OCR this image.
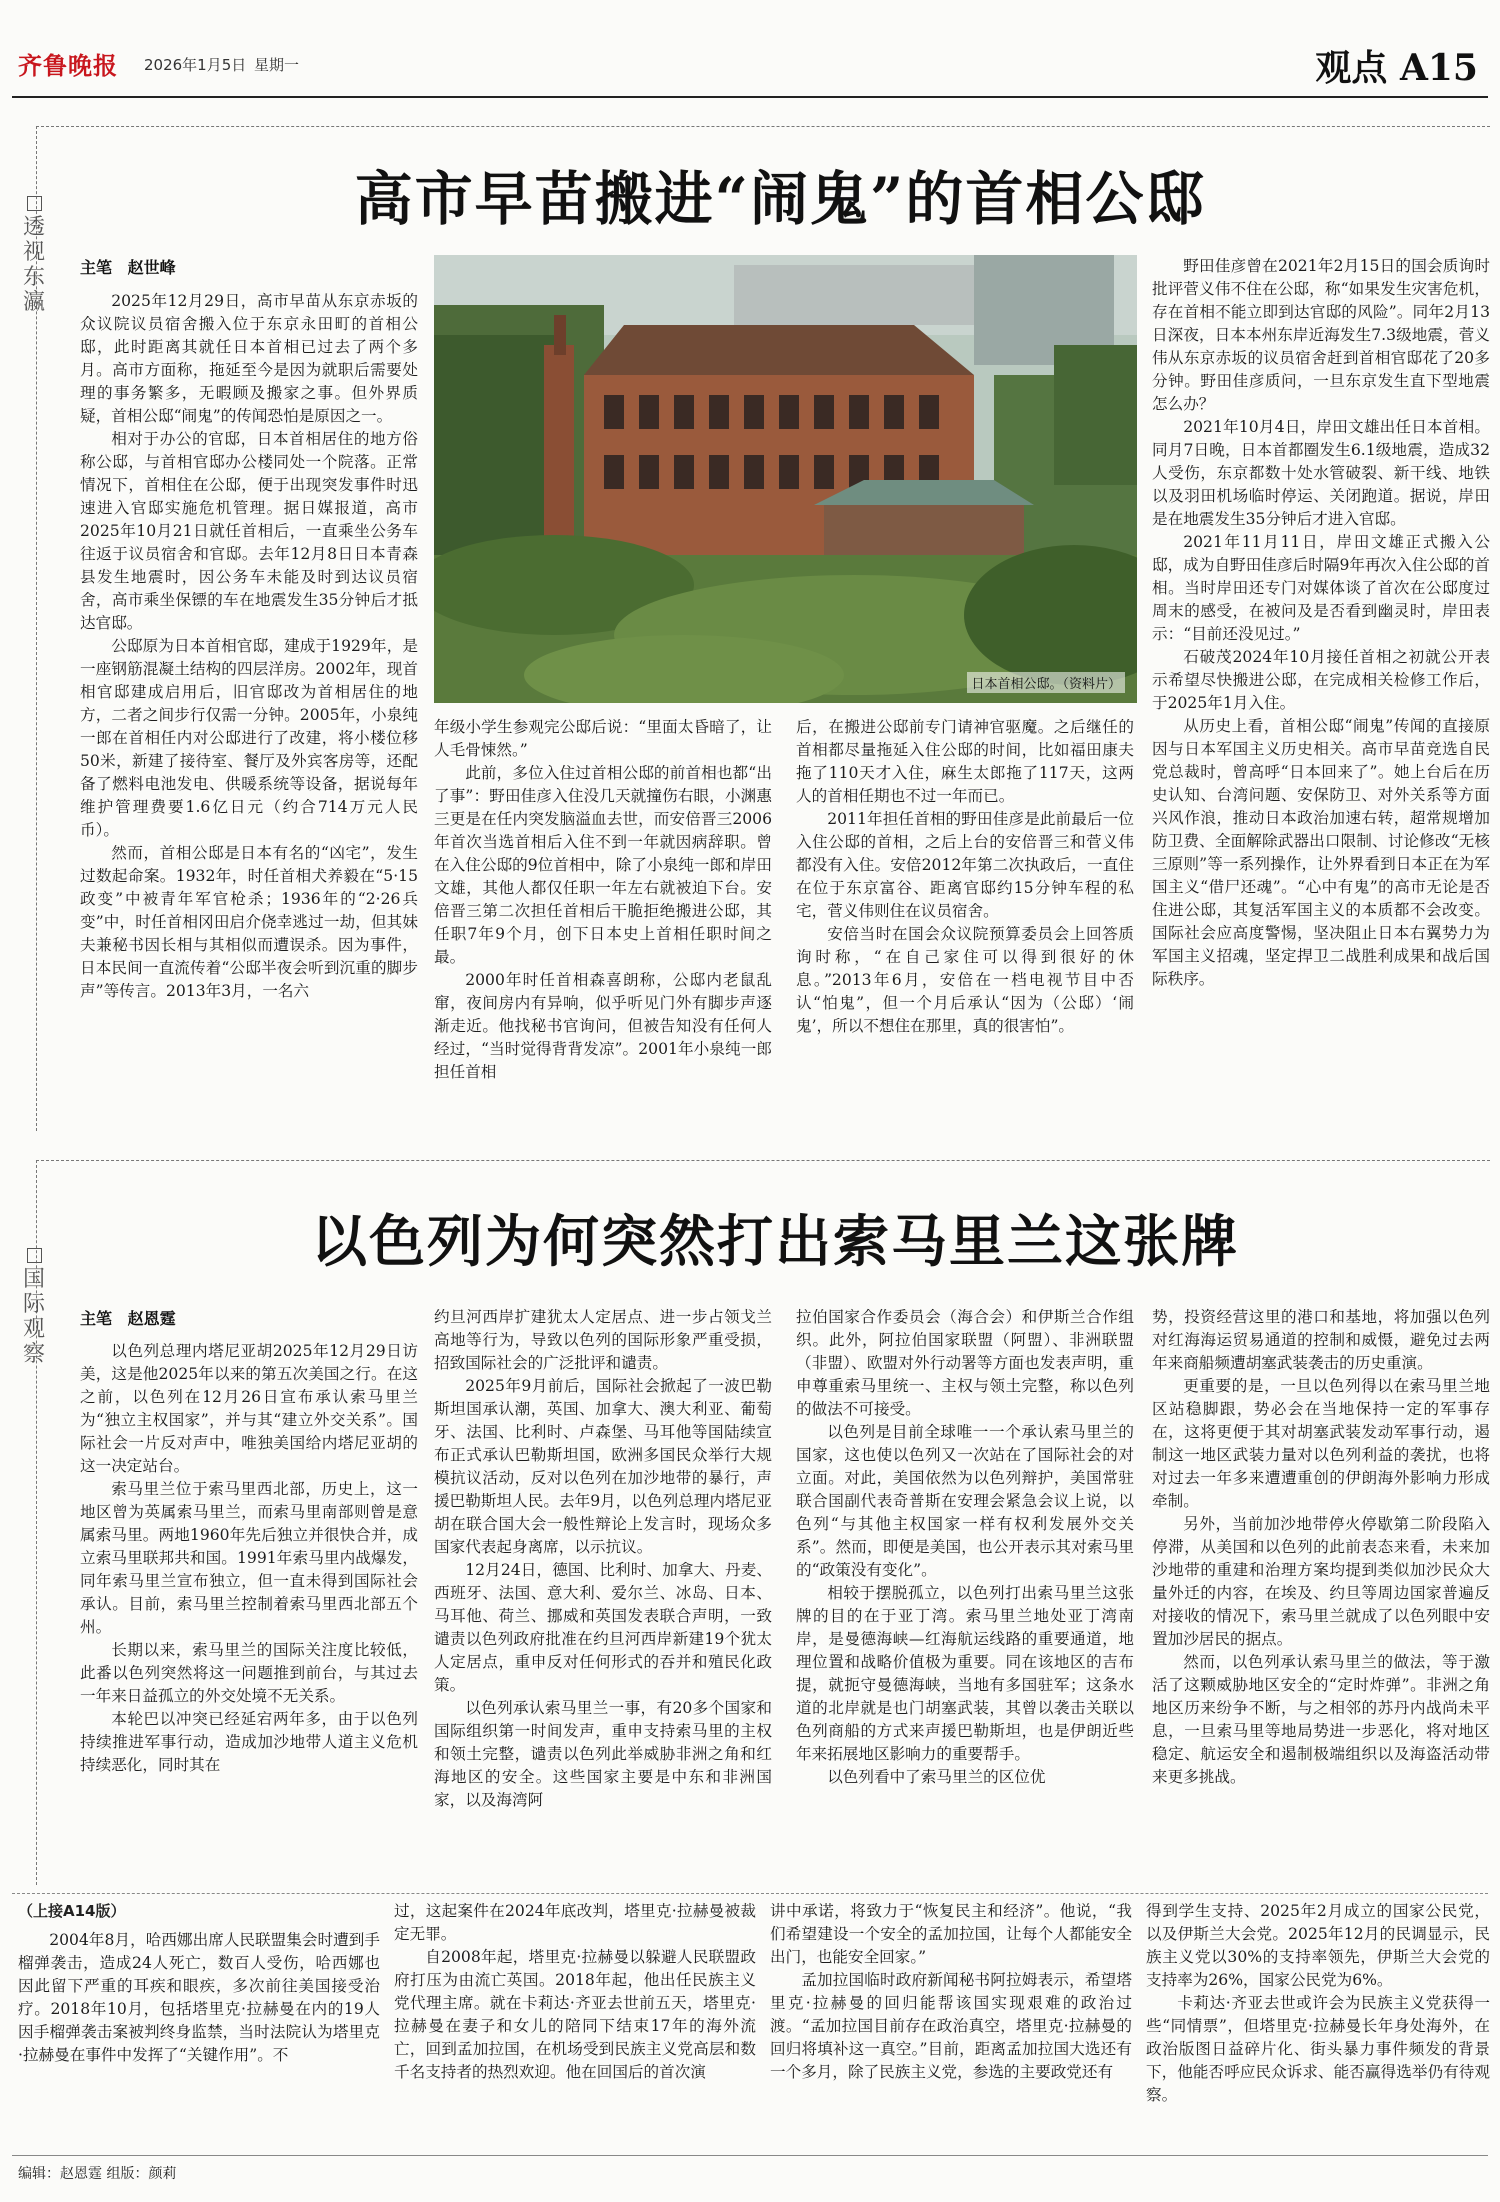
齐鲁晚报 2026年1月5日 星期一	观点 A15
透视东瀛
高市早苗搬进“闹鬼”的首相公邸
主笔 赵世峰

2025年12月29日，高市早苗从东京赤坂的众议院议员宿舍搬入位于东京永田町的首相公邸，此时距离其就任日本首相已过去了两个多月。高市方面称，拖延至今是因为就职后需要处理的事务繁多，无暇顾及搬家之事。但外界质疑，首相公邸“闹鬼”的传闻恐怕是原因之一。

相对于办公的官邸，日本首相居住的地方俗称公邸，与首相官邸办公楼同处一个院落。正常情况下，首相住在公邸，便于出现突发事件时迅速进入官邸实施危机管理。据日媒报道，高市2025年10月21日就任首相后，一直乘坐公务车往返于议员宿舍和官邸。去年12月8日日本青森县发生地震时，因公务车未能及时到达议员宿舍，高市乘坐保镖的车在地震发生35分钟后才抵达官邸。

公邸原为日本首相官邸，建成于1929年，是一座钢筋混凝土结构的四层洋房。2002年，现首相官邸建成启用后，旧官邸改为首相居住的地方，二者之间步行仅需一分钟。2005年，小泉纯一郎在首相任内对公邸进行了改建，将小楼位移50米，新建了接待室、餐厅及外宾客房等，还配备了燃料电池发电、供暖系统等设备，据说每年维护管理费要1.6亿日元（约合714万元人民币）。

然而，首相公邸是日本有名的“凶宅”，发生过数起命案。1932年，时任首相犬养毅在“5·15政变”中被青年军官枪杀；1936年的“2·26兵变”中，时任首相冈田启介侥幸逃过一劫，但其妹夫兼秘书因长相与其相似而遭误杀。因为事件，日本民间一直流传着“公邸半夜会听到沉重的脚步声”等传言。2013年3月，一名六

日本首相公邸。（资料片）

年级小学生参观完公邸后说：“里面太昏暗了，让人毛骨悚然。”

此前，多位入住过首相公邸的前首相也都“出了事”：野田佳彦入住没几天就撞伤右眼，小渊惠三更是在任内突发脑溢血去世，而安倍晋三2006年首次当选首相后入住不到一年就因病辞职。曾在入住公邸的9位首相中，除了小泉纯一郎和岸田文雄，其他人都仅任职一年左右就被迫下台。安倍晋三第二次担任首相后干脆拒绝搬进公邸，其任职7年9个月，创下日本史上首相任职时间之最。

2000年时任首相森喜朗称，公邸内老鼠乱窜，夜间房内有异响，似乎听见门外有脚步声逐渐走近。他找秘书官询问，但被告知没有任何人经过，“当时觉得背背发凉”。2001年小泉纯一郎担任首相

后，在搬进公邸前专门请神官驱魔。之后继任的首相都尽量拖延入住公邸的时间，比如福田康夫拖了110天才入住，麻生太郎拖了117天，这两人的首相任期也不过一年而已。

2011年担任首相的野田佳彦是此前最后一位入住公邸的首相，之后上台的安倍晋三和菅义伟都没有入住。安倍2012年第二次执政后，一直住在位于东京富谷、距离官邸约15分钟车程的私宅，菅义伟则住在议员宿舍。

安倍当时在国会众议院预算委员会上回答质询时称，“在自己家住可以得到很好的休息。”2013年6月，安倍在一档电视节目中否认“怕鬼”，但一个月后承认“因为（公邸）‘闹鬼’，所以不想住在那里，真的很害怕”。

野田佳彦曾在2021年2月15日的国会质询时批评菅义伟不住在公邸，称“如果发生灾害危机，存在首相不能立即到达官邸的风险”。同年2月13日深夜，日本本州东岸近海发生7.3级地震，菅义伟从东京赤坂的议员宿舍赶到首相官邸花了20多分钟。野田佳彦质问，一旦东京发生直下型地震怎么办？

2021年10月4日，岸田文雄出任日本首相。同月7日晚，日本首都圈发生6.1级地震，造成32人受伤，东京都数十处水管破裂、新干线、地铁以及羽田机场临时停运、关闭跑道。据说，岸田是在地震发生35分钟后才进入官邸。

2021年11月11日，岸田文雄正式搬入公邸，成为自野田佳彦后时隔9年再次入住公邸的首相。当时岸田还专门对媒体谈了首次在公邸度过周末的感受，在被问及是否看到幽灵时，岸田表示：“目前还没见过。”

石破茂2024年10月接任首相之初就公开表示希望尽快搬进公邸，在完成相关检修工作后，于2025年1月入住。

从历史上看，首相公邸“闹鬼”传闻的直接原因与日本军国主义历史相关。高市早苗竞选自民党总裁时，曾高呼“日本回来了”。她上台后在历史认知、台湾问题、安保防卫、对外关系等方面兴风作浪，推动日本政治加速右转，超常规增加防卫费、全面解除武器出口限制、讨论修改“无核三原则”等一系列操作，让外界看到日本正在为军国主义“借尸还魂”。“心中有鬼”的高市无论是否住进公邸，其复活军国主义的本质都不会改变。国际社会应高度警惕，坚决阻止日本右翼势力为军国主义招魂，坚定捍卫二战胜利成果和战后国际秩序。

国际观察
以色列为何突然打出索马里兰这张牌
主笔 赵恩霆

以色列总理内塔尼亚胡2025年12月29日访美，这是他2025年以来的第五次美国之行。在这之前，以色列在12月26日宣布承认索马里兰为“独立主权国家”，并与其“建立外交关系”。国际社会一片反对声中，唯独美国给内塔尼亚胡的这一决定站台。

索马里兰位于索马里西北部，历史上，这一地区曾为英属索马里兰，而索马里南部则曾是意属索马里。两地1960年先后独立并很快合并，成立索马里联邦共和国。1991年索马里内战爆发，同年索马里兰宣布独立，但一直未得到国际社会承认。目前，索马里兰控制着索马里西北部五个州。

长期以来，索马里兰的国际关注度比较低，此番以色列突然将这一问题推到前台，与其过去一年来日益孤立的外交处境不无关系。

本轮巴以冲突已经延宕两年多，由于以色列持续推进军事行动，造成加沙地带人道主义危机持续恶化，同时其在

约旦河西岸扩建犹太人定居点、进一步占领戈兰高地等行为，导致以色列的国际形象严重受损，招致国际社会的广泛批评和谴责。

2025年9月前后，国际社会掀起了一波巴勒斯坦国承认潮，英国、加拿大、澳大利亚、葡萄牙、法国、比利时、卢森堡、马耳他等国陆续宣布正式承认巴勒斯坦国，欧洲多国民众举行大规模抗议活动，反对以色列在加沙地带的暴行，声援巴勒斯坦人民。去年9月，以色列总理内塔尼亚胡在联合国大会一般性辩论上发言时，现场众多国家代表起身离席，以示抗议。

12月24日，德国、比利时、加拿大、丹麦、西班牙、法国、意大利、爱尔兰、冰岛、日本、马耳他、荷兰、挪威和英国发表联合声明，一致谴责以色列政府批准在约旦河西岸新建19个犹太人定居点，重申反对任何形式的吞并和殖民化政策。

以色列承认索马里兰一事，有20多个国家和国际组织第一时间发声，重申支持索马里的主权和领土完整，谴责以色列此举威胁非洲之角和红海地区的安全。这些国家主要是中东和非洲国家，以及海湾阿

拉伯国家合作委员会（海合会）和伊斯兰合作组织。此外，阿拉伯国家联盟（阿盟）、非洲联盟（非盟）、欧盟对外行动署等方面也发表声明，重申尊重索马里统一、主权与领土完整，称以色列的做法不可接受。

以色列是目前全球唯一一个承认索马里兰的国家，这也使以色列又一次站在了国际社会的对立面。对此，美国依然为以色列辩护，美国常驻联合国副代表奇普斯在安理会紧急会议上说，以色列“与其他主权国家一样有权利发展外交关系”。然而，即便是美国，也公开表示其对索马里的“政策没有变化”。

相较于摆脱孤立，以色列打出索马里兰这张牌的目的在于亚丁湾。索马里兰地处亚丁湾南岸，是曼德海峡—红海航运线路的重要通道，地理位置和战略价值极为重要。同在该地区的吉布提，就扼守曼德海峡，当地有多国驻军；这条水道的北岸就是也门胡塞武装，其曾以袭击关联以色列商船的方式来声援巴勒斯坦，也是伊朗近些年来拓展地区影响力的重要帮手。

以色列看中了索马里兰的区位优

势，投资经营这里的港口和基地，将加强以色列对红海海运贸易通道的控制和威慑，避免过去两年来商船频遭胡塞武装袭击的历史重演。

更重要的是，一旦以色列得以在索马里兰地区站稳脚跟，势必会在当地保持一定的军事存在，这将更便于其对胡塞武装发动军事行动，遏制这一地区武装力量对以色列利益的袭扰，也将对过去一年多来遭遭重创的伊朗海外影响力形成牵制。

另外，当前加沙地带停火停歇第二阶段陷入停滞，从美国和以色列的此前表态来看，未来加沙地带的重建和治理方案均提到类似加沙民众大量外迁的内容，在埃及、约旦等周边国家普遍反对接收的情况下，索马里兰就成了以色列眼中安置加沙居民的据点。

然而，以色列承认索马里兰的做法，等于激活了这颗威胁地区安全的“定时炸弹”。非洲之角地区历来纷争不断，与之相邻的苏丹内战尚未平息，一旦索马里等地局势进一步恶化，将对地区稳定、航运安全和遏制极端组织以及海盗活动带来更多挑战。

（上接A14版）

2004年8月，哈西娜出席人民联盟集会时遭到手榴弹袭击，造成24人死亡，数百人受伤，哈西娜也因此留下严重的耳疾和眼疾，多次前往美国接受治疗。2018年10月，包括塔里克·拉赫曼在内的19人因手榴弹袭击案被判终身监禁，当时法院认为塔里克·拉赫曼在事件中发挥了“关键作用”。不

过，这起案件在2024年底改判，塔里克·拉赫曼被裁定无罪。

自2008年起，塔里克·拉赫曼以躲避人民联盟政府打压为由流亡英国。2018年起，他出任民族主义党代理主席。就在卡莉达·齐亚去世前五天，塔里克·拉赫曼在妻子和女儿的陪同下结束17年的海外流亡，回到孟加拉国，在机场受到民族主义党高层和数千名支持者的热烈欢迎。他在回国后的首次演

讲中承诺，将致力于“恢复民主和经济”。他说，“我们希望建设一个安全的孟加拉国，让每个人都能安全出门，也能安全回家。”

孟加拉国临时政府新闻秘书阿拉姆表示，希望塔里克·拉赫曼的回归能帮该国实现艰难的政治过渡。“孟加拉国目前存在政治真空，塔里克·拉赫曼的回归将填补这一真空。”目前，距离孟加拉国大选还有一个多月，除了民族主义党，参选的主要政党还有

得到学生支持、2025年2月成立的国家公民党，以及伊斯兰大会党。2025年12月的民调显示，民族主义党以30%的支持率领先，伊斯兰大会党的支持率为26%，国家公民党为6%。

卡莉达·齐亚去世或许会为民族主义党获得一些“同情票”，但塔里克·拉赫曼长年身处海外，在政治版图日益碎片化、街头暴力事件频发的背景下，他能否呼应民众诉求、能否赢得选举仍有待观察。

编辑：赵恩霆 组版：颜莉
